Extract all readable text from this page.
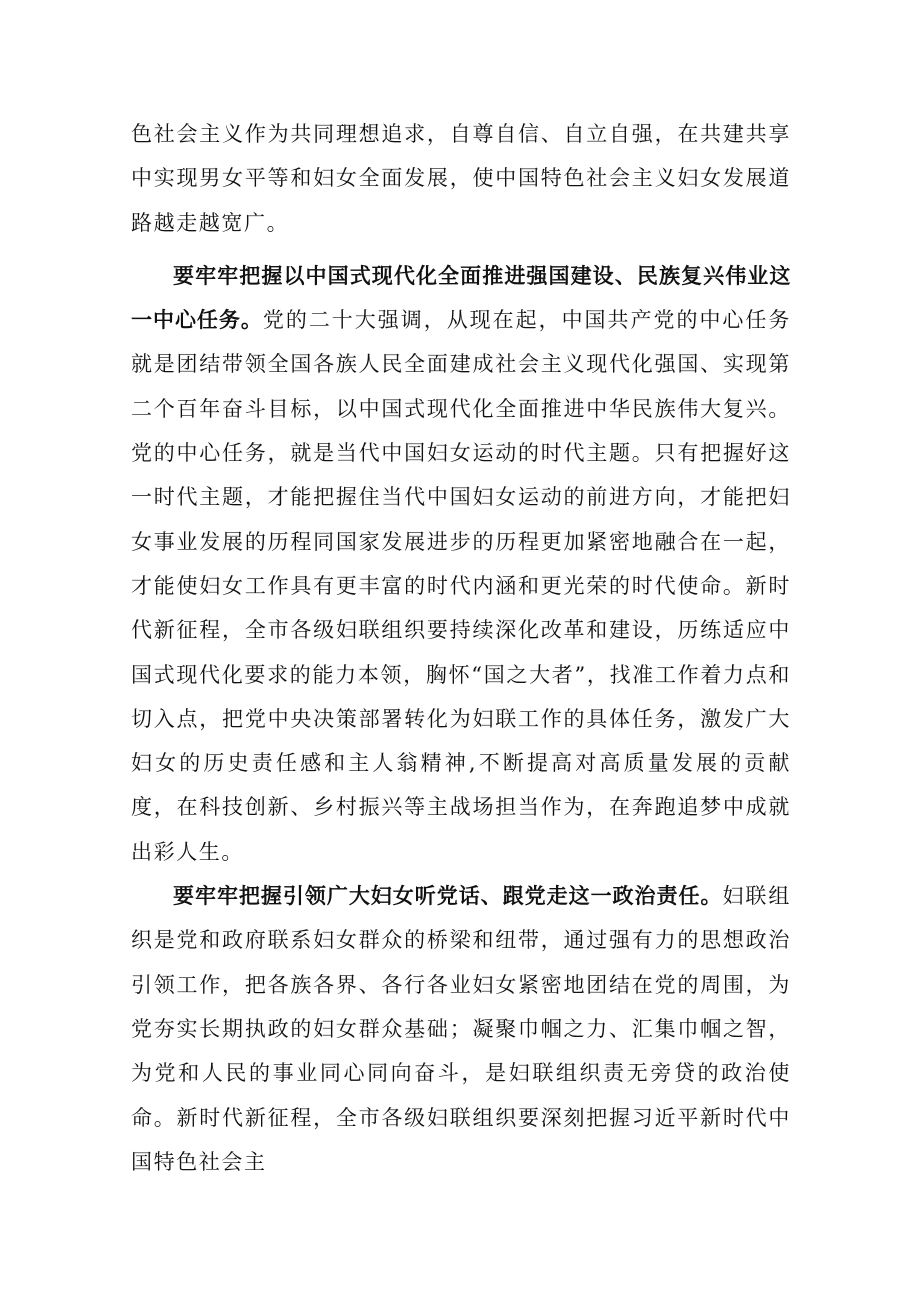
色社会主义作为共同理想追求，自尊自信、自立自强，在共建共享中实现男女平等和妇女全面发展，使中国特色社会主义妇女发展道路越走越宽广。

要牢牢把握以中国式现代化全面推进强国建设、民族复兴伟业这一中心任务。党的二十大强调，从现在起，中国共产党的中心任务就是团结带领全国各族人民全面建成社会主义现代化强国、实现第二个百年奋斗目标，以中国式现代化全面推进中华民族伟大复兴。党的中心任务，就是当代中国妇女运动的时代主题。只有把握好这一时代主题，才能把握住当代中国妇女运动的前进方向，才能把妇女事业发展的历程同国家发展进步的历程更加紧密地融合在一起，才能使妇女工作具有更丰富的时代内涵和更光荣的时代使命。新时代新征程，全市各级妇联组织要持续深化改革和建设，历练适应中国式现代化要求的能力本领，胸怀“国之大者”，找准工作着力点和切入点，把党中央决策部署转化为妇联工作的具体任务，激发广大妇女的历史责任感和主人翁精神,不断提高对高质量发展的贡献度，在科技创新、乡村振兴等主战场担当作为，在奔跑追梦中成就出彩人生。

要牢牢把握引领广大妇女听党话、跟党走这一政治责任。妇联组织是党和政府联系妇女群众的桥梁和纽带，通过强有力的思想政治引领工作，把各族各界、各行各业妇女紧密地团结在党的周围，为党夯实长期执政的妇女群众基础；凝聚巾帼之力、汇集巾帼之智，为党和人民的事业同心同向奋斗，是妇联组织责无旁贷的政治使命。新时代新征程，全市各级妇联组织要深刻把握习近平新时代中国特色社会主
